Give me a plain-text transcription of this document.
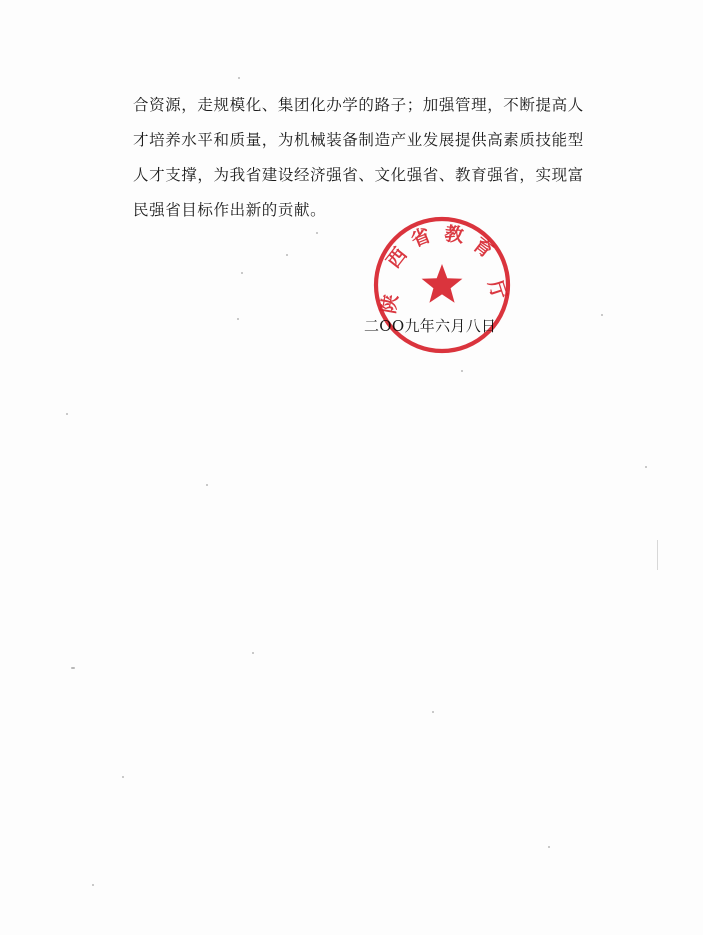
合资源，走规模化、集团化办学的路子；加强管理，不断提高人
才培养水平和质量，为机械装备制造产业发展提供高素质技能型
人才支撑，为我省建设经济强省、文化强省、教育强省，实现富
民强省目标作出新的贡献。
二OO九年六月八日
陕
西
省 教 育
厅
